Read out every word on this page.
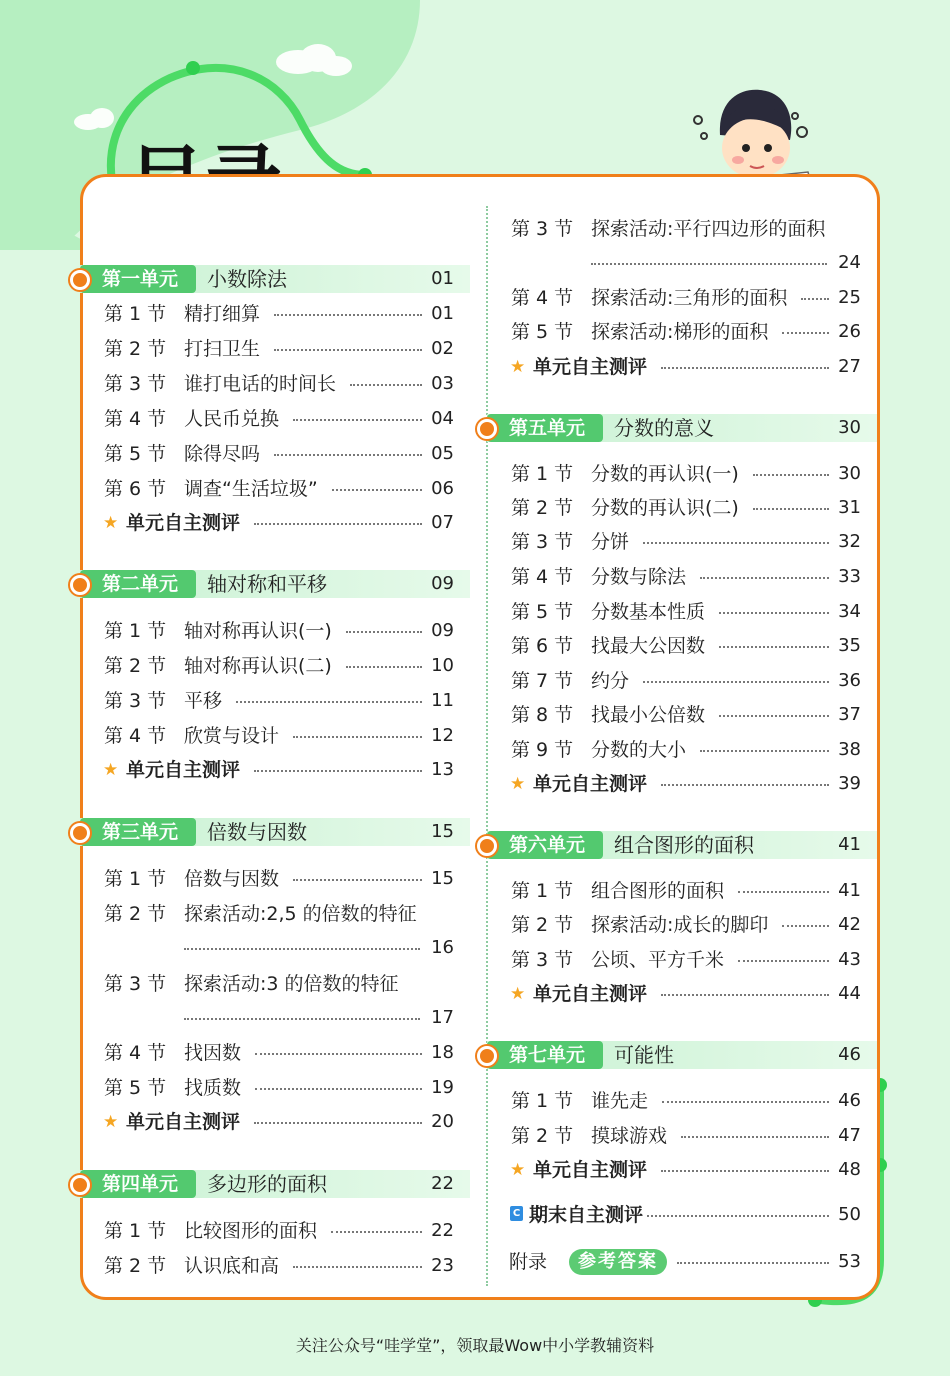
第一单元 小数除法	01
第 1 节 精打细算	01
第 2 节 打扫卫生	02
第 3 节 谁打电话的时间长	03
第 4 节 人民币兑换	04
第 5 节 除得尽吗	05
第 6 节 调查“生活垃圾”	06
★ 单元自主测评	07
第二单元 轴对称和平移	09
第 1 节 轴对称再认识(一)	09
第 2 节 轴对称再认识(二)	10
第 3 节 平移	11
第 4 节 欣赏与设计	12
★ 单元自主测评	13
第三单元 倍数与因数	15
第 1 节 倍数与因数	15
第 2 节 探索活动:2,5 的倍数的特征
16
第 3 节 探索活动:3 的倍数的特征
17
第 4 节 找因数	18
第 5 节 找质数	19
★ 单元自主测评	20
第四单元 多边形的面积	22
第 1 节 比较图形的面积	22
第 2 节 认识底和高	23
第 3 节 探索活动:平行四边形的面积
24
第 4 节 探索活动:三角形的面积	25
第 5 节 探索活动:梯形的面积	26
★ 单元自主测评	27
第五单元 分数的意义	30
第 1 节 分数的再认识(一)	30
第 2 节 分数的再认识(二)	31
第 3 节 分饼	32
第 4 节 分数与除法	33
第 5 节 分数基本性质	34
第 6 节 找最大公因数	35
第 7 节 约分	36
第 8 节 找最小公倍数	37
第 9 节 分数的大小	38
★ 单元自主测评	39
第六单元 组合图形的面积	41
第 1 节 组合图形的面积	41
第 2 节 探索活动:成长的脚印	42
第 3 节 公顷、平方千米	43
★ 单元自主测评	44
第七单元 可能性	46
第 1 节 谁先走	46
第 2 节 摸球游戏	47
★ 单元自主测评	48
C 期末自主测评	50
附录	参考答案	53
关注公众号“哇学堂”，领取最Wow中小学教辅资料
